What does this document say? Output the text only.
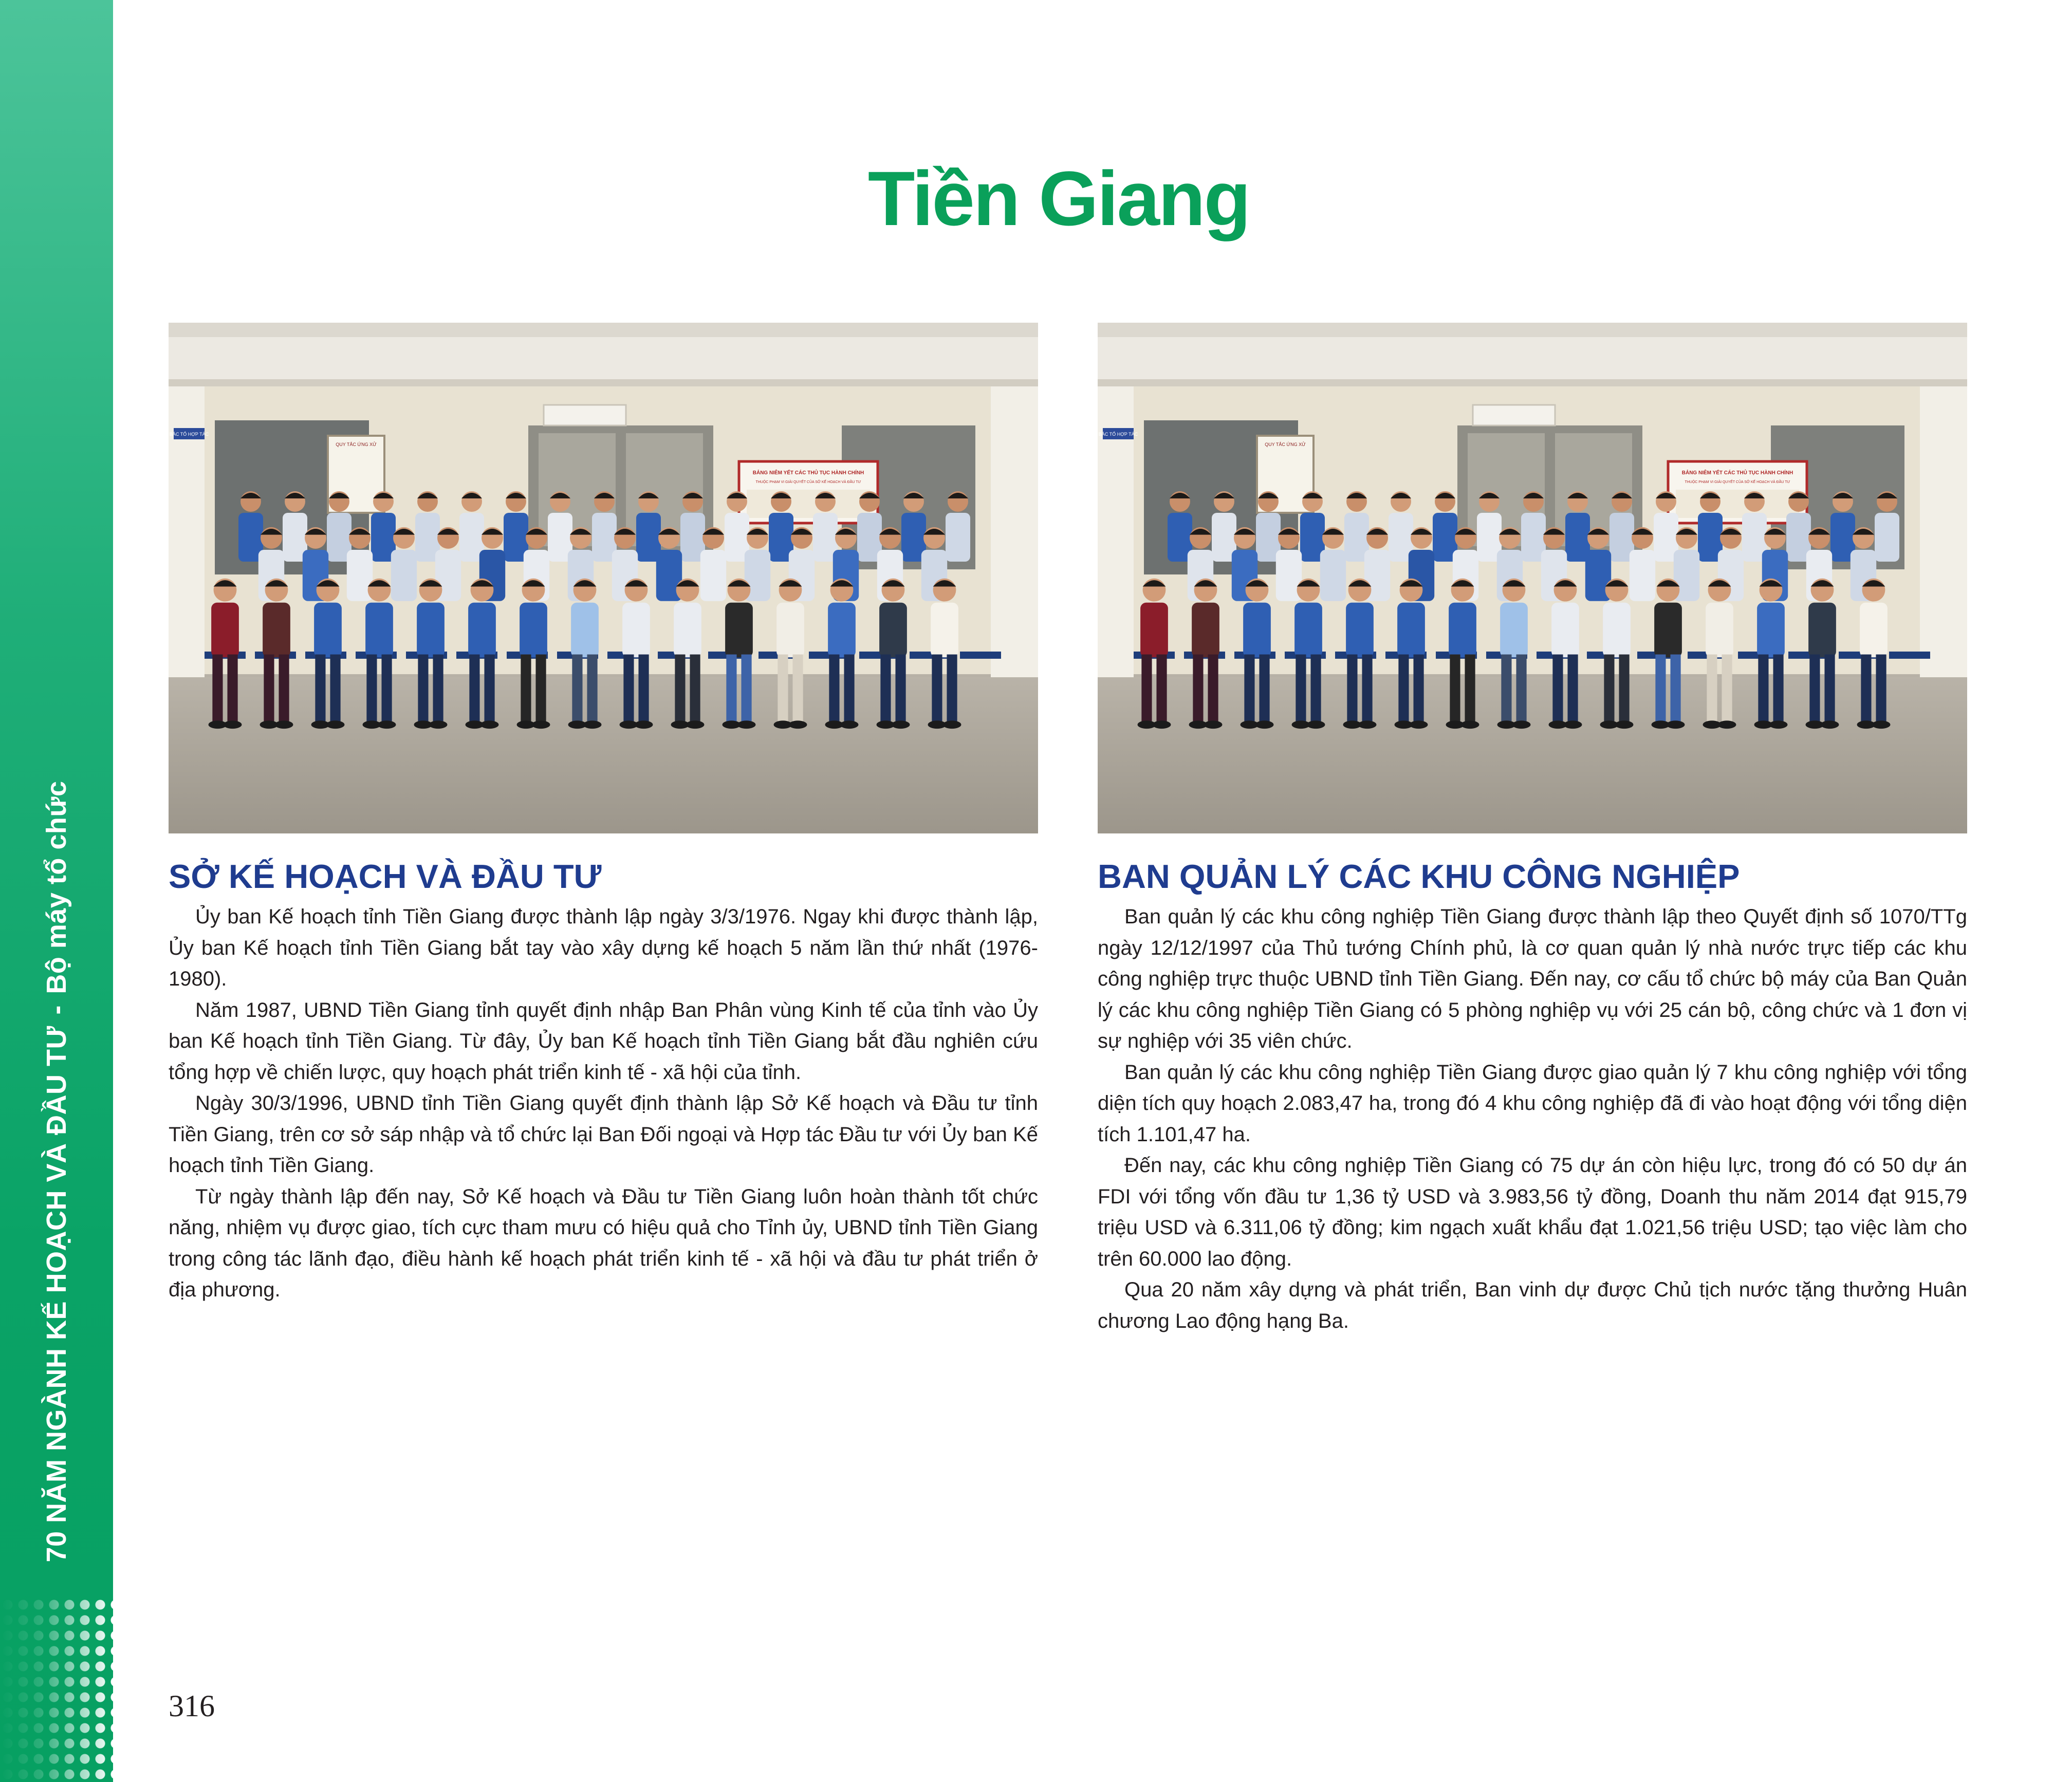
70 NĂM NGÀNH KẾ HOẠCH VÀ ĐẦU TƯ - Bộ máy tổ chức
Tiền Giang
BÁC TỔ HỢP TÁC
QUY TẮC ỨNG XỬ
BẢNG NIÊM YẾT CÁC THỦ TỤC HÀNH CHÍNH
THUỘC PHẠM VI GIẢI QUYẾT CỦA SỞ KẾ HOẠCH VÀ ĐẦU TƯ
BÁC TỔ HỢP TÁC
QUY TẮC ỨNG XỬ
BẢNG NIÊM YẾT CÁC THỦ TỤC HÀNH CHÍNH
THUỘC PHẠM VI GIẢI QUYẾT CỦA SỞ KẾ HOẠCH VÀ ĐẦU TƯ
SỞ KẾ HOẠCH VÀ ĐẦU TƯ

Ủy ban Kế hoạch tỉnh Tiền Giang được thành lập ngày 3/3/1976. Ngay khi được thành lập, Ủy ban Kế hoạch tỉnh Tiền Giang bắt tay vào xây dựng kế hoạch 5 năm lần thứ nhất (1976-1980).

Năm 1987, UBND Tiền Giang tỉnh quyết định nhập Ban Phân vùng Kinh tế của tỉnh vào Ủy ban Kế hoạch tỉnh Tiền Giang. Từ đây, Ủy ban Kế hoạch tỉnh Tiền Giang bắt đầu nghiên cứu tổng hợp về chiến lược, quy hoạch phát triển kinh tế - xã hội của tỉnh.

Ngày 30/3/1996, UBND tỉnh Tiền Giang quyết định thành lập Sở Kế hoạch và Đầu tư tỉnh Tiền Giang, trên cơ sở sáp nhập và tổ chức lại Ban Đối ngoại và Hợp tác Đầu tư với Ủy ban Kế hoạch tỉnh Tiền Giang.

Từ ngày thành lập đến nay, Sở Kế hoạch và Đầu tư Tiền Giang luôn hoàn thành tốt chức năng, nhiệm vụ được giao, tích cực tham mưu có hiệu quả cho Tỉnh ủy, UBND tỉnh Tiền Giang trong công tác lãnh đạo, điều hành kế hoạch phát triển kinh tế - xã hội và đầu tư phát triển ở địa phương.

BAN QUẢN LÝ CÁC KHU CÔNG NGHIỆP

Ban quản lý các khu công nghiệp Tiền Giang được thành lập theo Quyết định số 1070/TTg ngày 12/12/1997 của Thủ tướng Chính phủ, là cơ quan quản lý nhà nước trực tiếp các khu công nghiệp trực thuộc UBND tỉnh Tiền Giang. Đến nay, cơ cấu tổ chức bộ máy của Ban Quản lý các khu công nghiệp Tiền Giang có 5 phòng nghiệp vụ với 25 cán bộ, công chức và 1 đơn vị sự nghiệp với 35 viên chức.

Ban quản lý các khu công nghiệp Tiền Giang được giao quản lý 7 khu công nghiệp với tổng diện tích quy hoạch 2.083,47 ha, trong đó 4 khu công nghiệp đã đi vào hoạt động với tổng diện tích 1.101,47 ha.

Đến nay, các khu công nghiệp Tiền Giang có 75 dự án còn hiệu lực, trong đó có 50 dự án FDI với tổng vốn đầu tư 1,36 tỷ USD và 3.983,56 tỷ đồng, Doanh thu năm 2014 đạt 915,79 triệu USD và 6.311,06 tỷ đồng; kim ngạch xuất khẩu đạt 1.021,56 triệu USD; tạo việc làm cho trên 60.000 lao động.

Qua 20 năm xây dựng và phát triển, Ban vinh dự được Chủ tịch nước tặng thưởng Huân chương Lao động hạng Ba.

316
